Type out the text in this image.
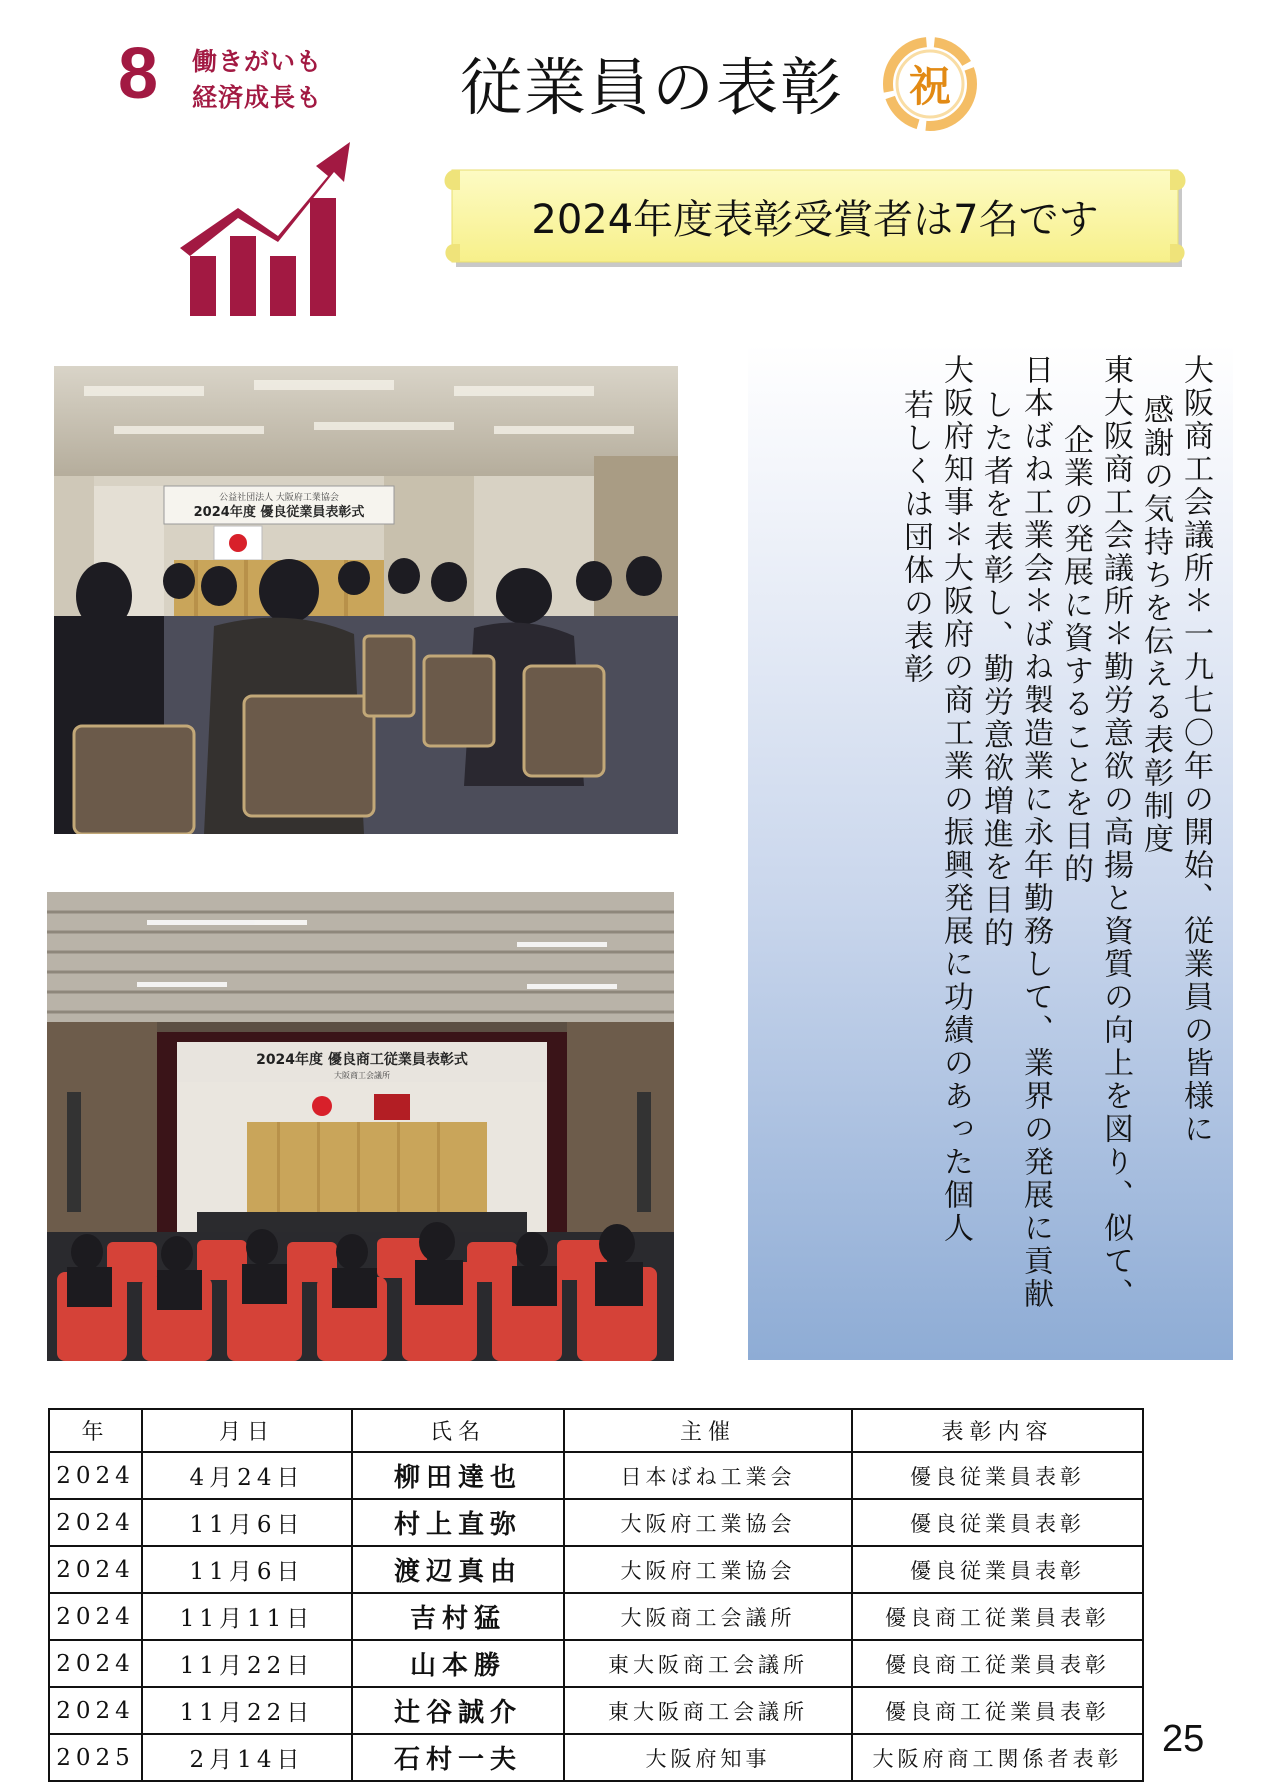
8 働きがいも
経済成長も 従業員の表彰	祝
2024年度表彰受賞者は7名です
公益社団法人 大阪府工業協会
2024年度 優良従業員表彰式
2024年度 優良商工従業員表彰式
大阪商工会議所	大阪商工会議所＊一九七〇年の開始、従業員の皆様に
感謝の気持ちを伝える表彰制度
東大阪商工会議所＊勤労意欲の高揚と資質の向上を図り、似て、
企業の発展に資することを目的
日本ばね工業会＊ばね製造業に永年勤務して、業界の発展に貢献
した者を表彰し、勤労意欲増進を目的
大阪府知事＊大阪府の商工業の振興発展に功績のあった個人
若しくは団体の表彰
年	月日	氏名	主催	表彰内容
2024	4月24日	柳田達也	日本ばね工業会	優良従業員表彰
2024	11月6日	村上直弥	大阪府工業協会	優良従業員表彰
2024	11月6日	渡辺真由	大阪府工業協会	優良従業員表彰
2024	11月11日	吉村猛	大阪商工会議所	優良商工従業員表彰
2024	11月22日	山本勝	東大阪商工会議所	優良商工従業員表彰
2024	11月22日	辻谷誠介	東大阪商工会議所	優良商工従業員表彰
2025	2月14日	石村一夫	大阪府知事	大阪府商工関係者表彰 25
